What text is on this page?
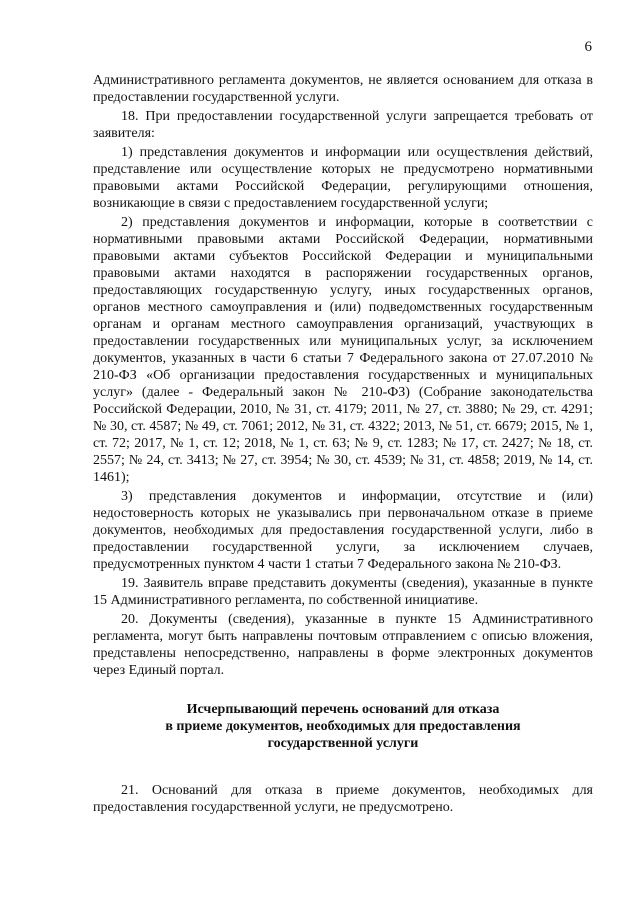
6

Административного регламента документов, не является основанием для отказа в предоставлении государственной услуги.

18. При предоставлении государственной услуги запрещается требовать от заявителя:

1) представления документов и информации или осуществления действий, представление или осуществление которых не предусмотрено нормативными правовыми актами Российской Федерации, регулирующими отношения, возникающие в связи с предоставлением государственной услуги;

2) представления документов и информации, которые в соответствии с нормативными правовыми актами Российской Федерации, нормативными правовыми актами субъектов Российской Федерации и муниципальными правовыми актами находятся в распоряжении государственных органов, предоставляющих государственную услугу, иных государственных органов, органов местного самоуправления и (или) подведомственных государственным органам и органам местного самоуправления организаций, участвующих в предоставлении государственных или муниципальных услуг, за исключением документов, указанных в части 6 статьи 7 Федерального закона от 27.07.2010 № 210-ФЗ «Об организации предоставления государственных и муниципальных услуг» (далее - Федеральный закон № 210-ФЗ) (Собрание законодательства Российской Федерации, 2010, № 31, ст. 4179; 2011, № 27, ст. 3880; № 29, ст. 4291; № 30, ст. 4587; № 49, ст. 7061; 2012, № 31, ст. 4322; 2013, № 51, ст. 6679; 2015, № 1, ст. 72; 2017, № 1, ст. 12; 2018, № 1, ст. 63; № 9, ст. 1283; № 17, ст. 2427; № 18, ст. 2557; № 24, ст. 3413; № 27, ст. 3954; № 30, ст. 4539; № 31, ст. 4858; 2019, № 14, ст. 1461);

3) представления документов и информации, отсутствие и (или) недостоверность которых не указывались при первоначальном отказе в приеме документов, необходимых для предоставления государственной услуги, либо в предоставлении государственной услуги, за исключением случаев, предусмотренных пунктом 4 части 1 статьи 7 Федерального закона № 210-ФЗ.

19. Заявитель вправе представить документы (сведения), указанные в пункте 15 Административного регламента, по собственной инициативе.

20. Документы (сведения), указанные в пункте 15 Административного регламента, могут быть направлены почтовым отправлением с описью вложения, представлены непосредственно, направлены в форме электронных документов через Единый портал.

Исчерпывающий перечень оснований для отказа
в приеме документов, необходимых для предоставления
государственной услуги

21. Оснований для отказа в приеме документов, необходимых для предоставления государственной услуги, не предусмотрено.
